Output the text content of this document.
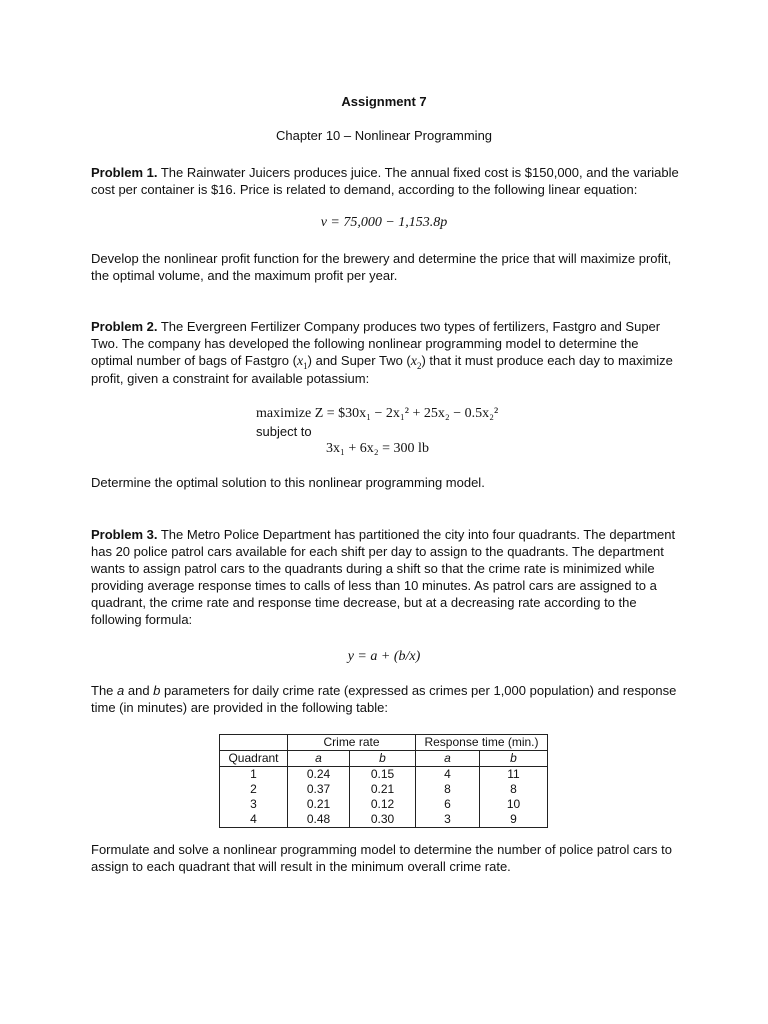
Assignment 7
Chapter 10 – Nonlinear Programming
Problem 1. The Rainwater Juicers produces juice. The annual fixed cost is $150,000, and the variable cost per container is $16. Price is related to demand, according to the following linear equation:
v = 75,000 − 1,153.8p
Develop the nonlinear profit function for the brewery and determine the price that will maximize profit, the optimal volume, and the maximum profit per year.
Problem 2. The Evergreen Fertilizer Company produces two types of fertilizers, Fastgro and Super Two. The company has developed the following nonlinear programming model to determine the optimal number of bags of Fastgro $(x_1)$ and Super Two $(x_2)$ that it must produce each day to maximize profit, given a constraint for available potassium:
maximize Z = $30x₁ − 2x₁² + 25x₂ − 0.5x₂²
subject to
3x₁ + 6x₂ = 300 lb
Determine the optimal solution to this nonlinear programming model.
Problem 3. The Metro Police Department has partitioned the city into four quadrants. The department has 20 police patrol cars available for each shift per day to assign to the quadrants. The department wants to assign patrol cars to the quadrants during a shift so that the crime rate is minimized while providing average response times to calls of less than 10 minutes. As patrol cars are assigned to a quadrant, the crime rate and response time decrease, but at a decreasing rate according to the following formula:
y = a + (b/x)
The a and b parameters for daily crime rate (expressed as crimes per 1,000 population) and response time (in minutes) are provided in the following table:
	Crime rate		Response time (min.)	
Quadrant	a	b	a	b
1	0.24	0.15	4	11
2	0.37	0.21	8	8
3	0.21	0.12	6	10
4	0.48	0.30	3	9
Formulate and solve a nonlinear programming model to determine the number of police patrol cars to assign to each quadrant that will result in the minimum overall crime rate.
